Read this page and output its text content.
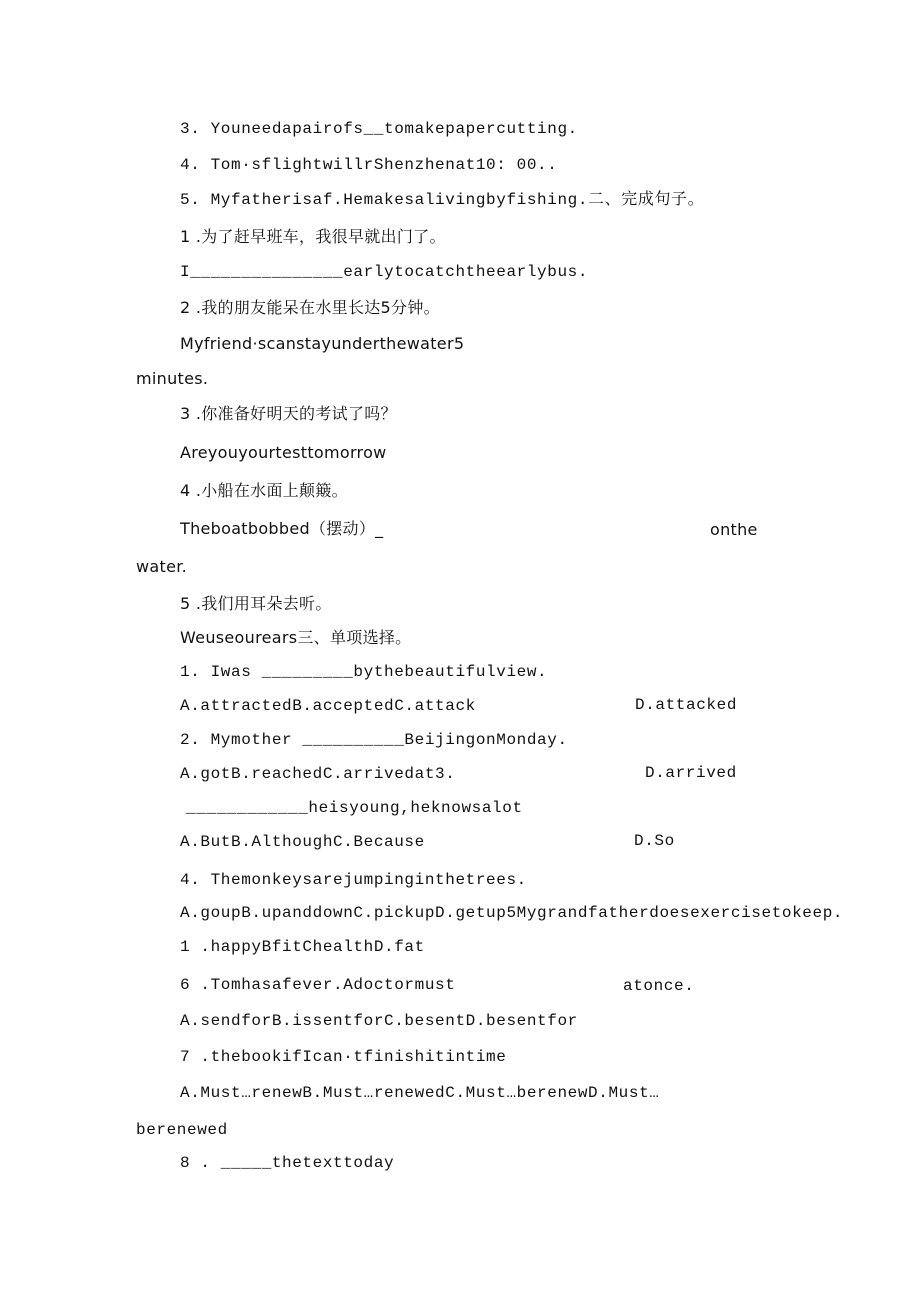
3. Youneedapairofs__tomakepapercutting.
4. Tom·sflightwillrShenzhenat10: 00..
5. Myfatherisaf.Hemakesalivingbyfishing.二、完成句子。
1 .为了赶早班车，我很早就出门了。
I_______________earlytocatchtheearlybus.
2 .我的朋友能呆在水里长达5分钟。
Myfriend·scanstayunderthewater5
minutes.
3 .你准备好明天的考试了吗？
Areyouyourtesttomorrow
4 .小船在水面上颠簸。
Theboatbobbed（摆动）_	onthe
water.
5 .我们用耳朵去听。
Weuseourears三、单项选择。
1. Iwas _________bythebeautifulview.
A.attractedB.acceptedC.attack	D.attacked
2. Mymother __________BeijingonMonday.
A.gotB.reachedC.arrivedat3.	D.arrived
____________heisyoung,heknowsalot
A.ButB.AlthoughC.Because	D.So
4. Themonkeysarejumpinginthetrees.
A.goupB.upanddownC.pickupD.getup5Mygrandfatherdoesexercisetokeep.
1 .happyBfitChealthD.fat
6 .Tomhasafever.Adoctormust	atonce.
A.sendforB.issentforC.besentD.besentfor
7 .thebookifIcan·tfinishitintime
A.Must…renewB.Must…renewedC.Must…berenewD.Must…
berenewed
8 . _____thetexttoday
